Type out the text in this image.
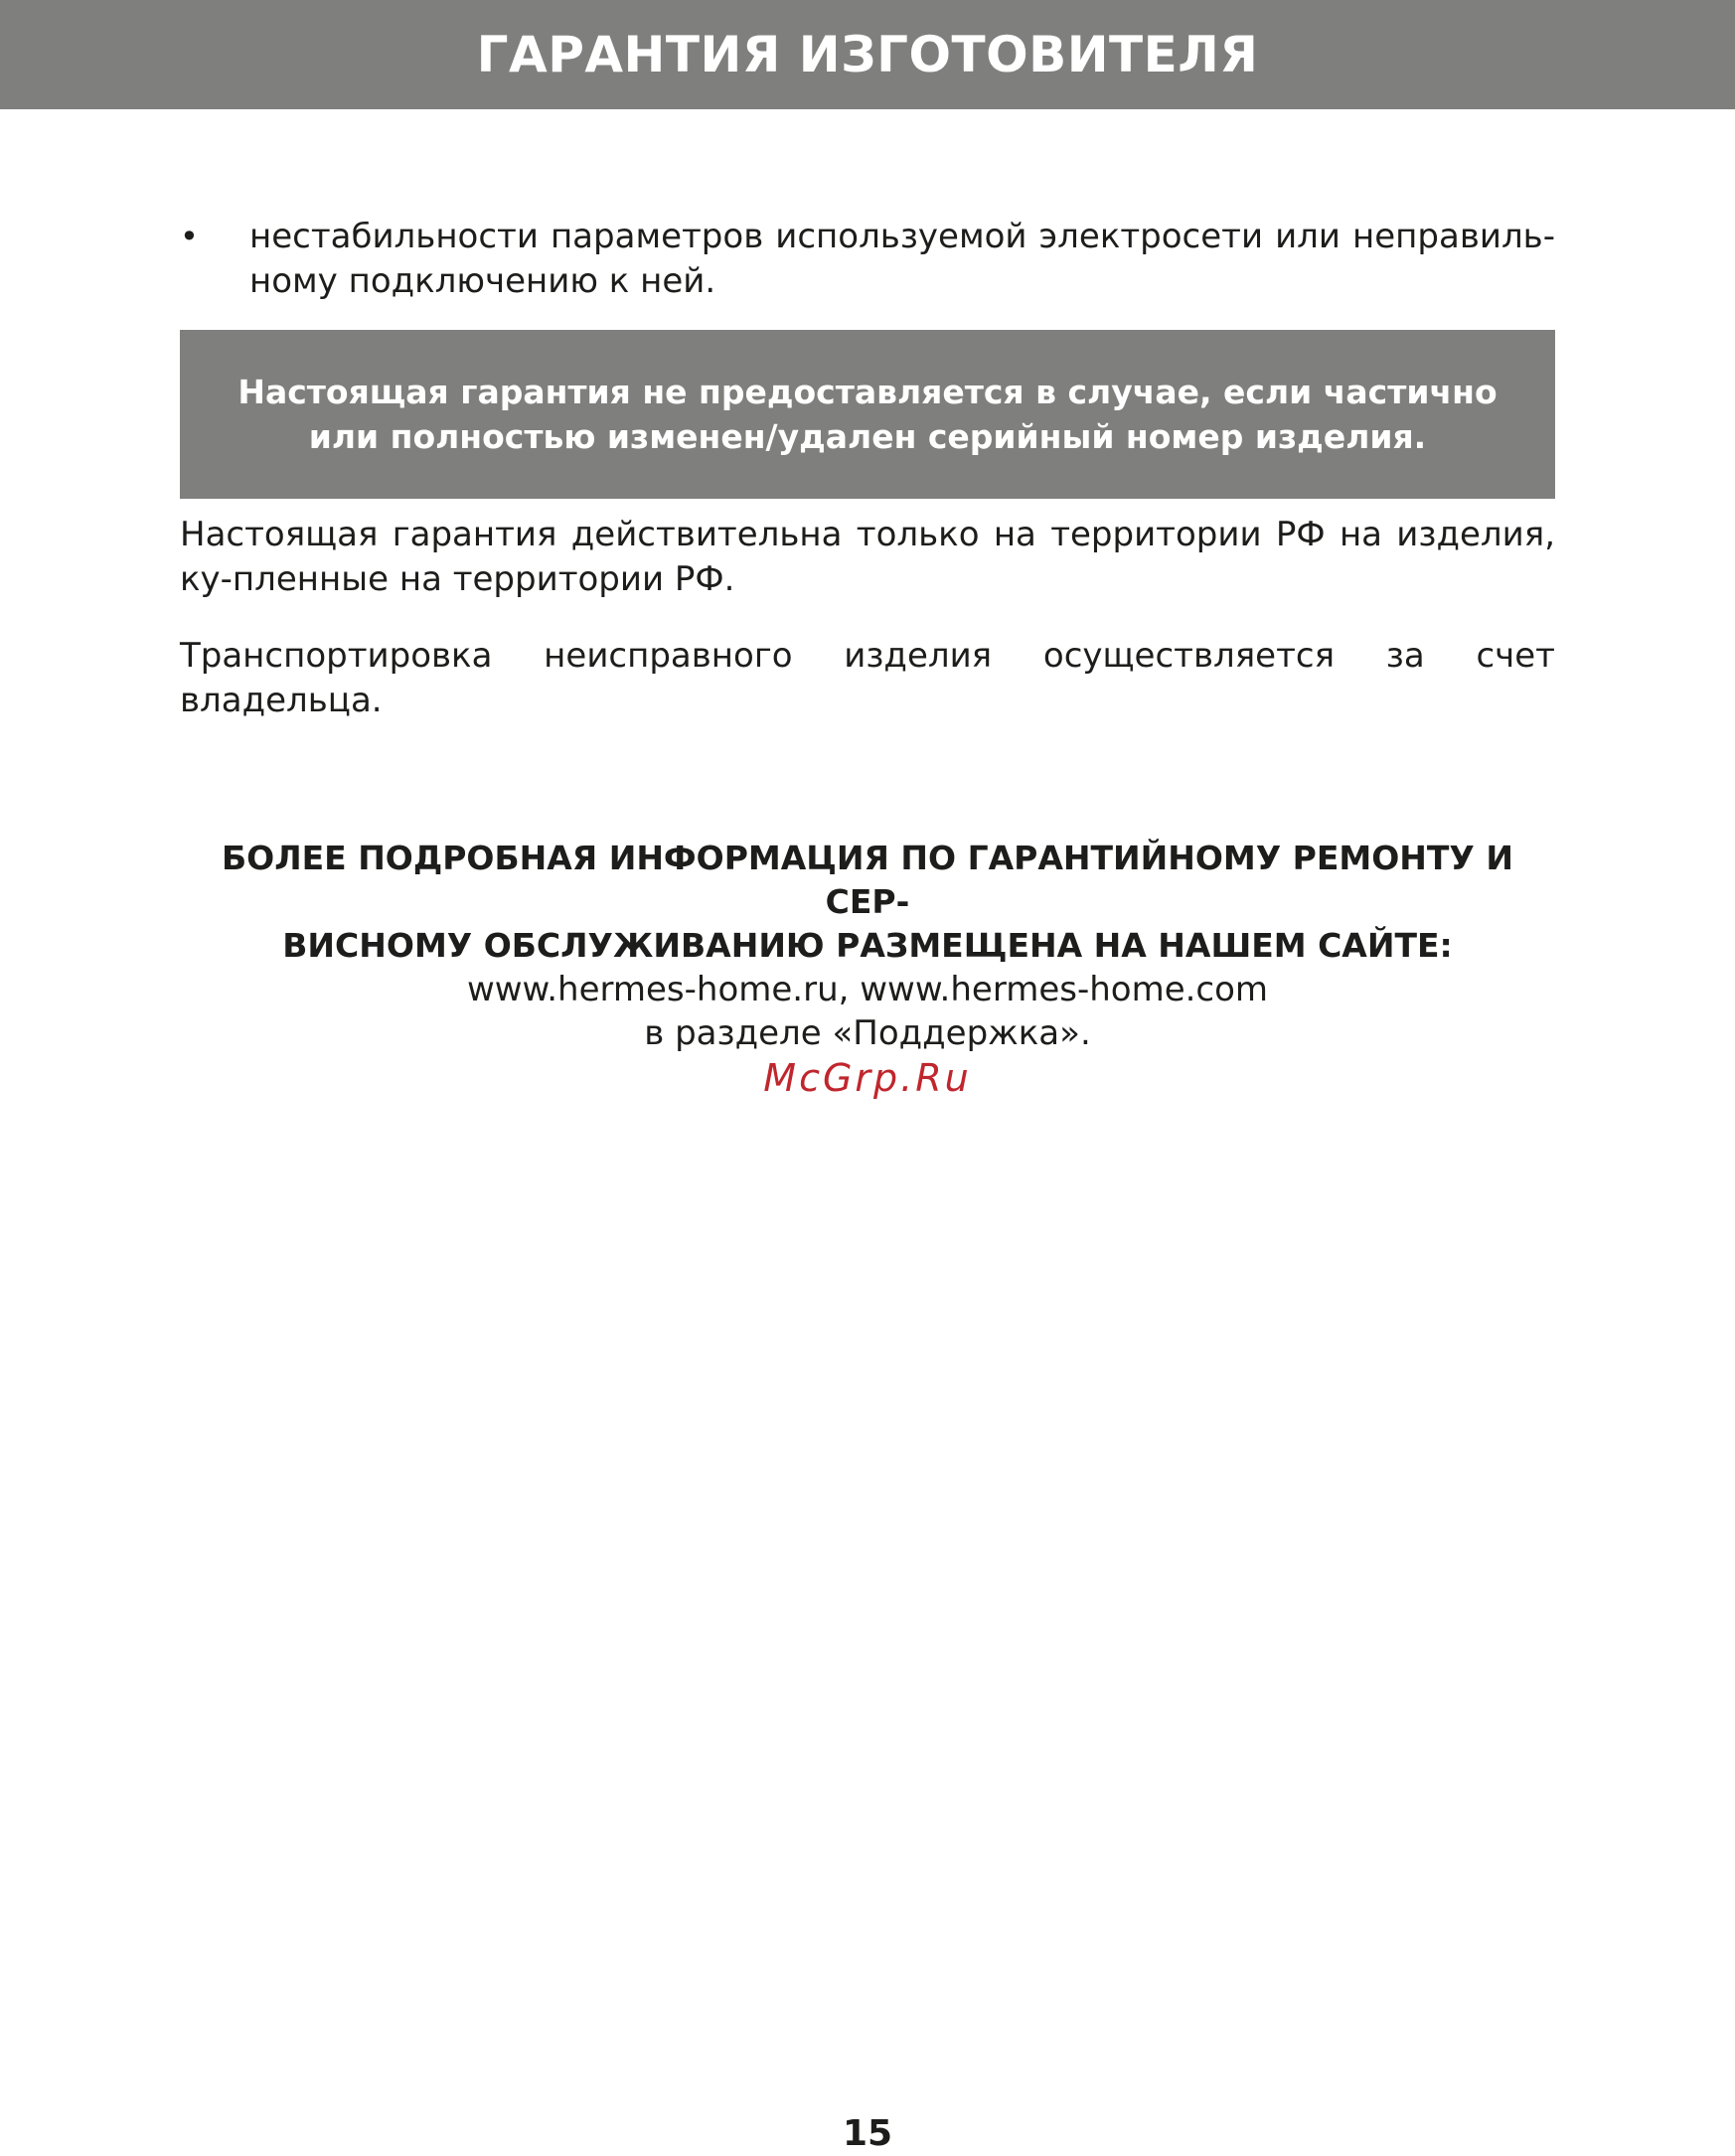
ГАРАНТИЯ ИЗГОТОВИТЕЛЯ
• нестабильности параметров используемой электросети или неправиль-ному подключению к ней.
Настоящая гарантия не предоставляется в случае, если частично
или полностью изменен/удален серийный номер изделия.
Настоящая гарантия действительна только на территории РФ на изделия, ку-пленные на территории РФ.
Транспортировка неисправного изделия осуществляется за счет владельца.
БОЛЕЕ ПОДРОБНАЯ ИНФОРМАЦИЯ ПО ГАРАНТИЙНОМУ РЕМОНТУ И СЕР-
ВИСНОМУ ОБСЛУЖИВАНИЮ РАЗМЕЩЕНА НА НАШЕМ САЙТЕ:
www.hermes-home.ru, www.hermes-home.com
в разделе «Поддержка».
McGrp.Ru
15
